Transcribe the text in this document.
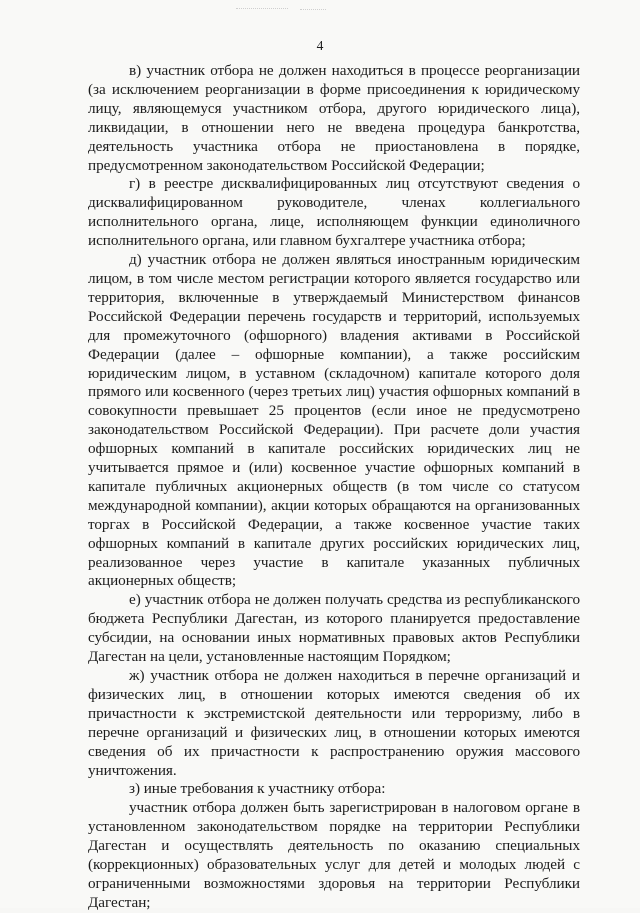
4

в) участник отбора не должен находиться в процессе реорганизации (за исключением реорганизации в форме присоединения к юридическому лицу, являющемуся участником отбора, другого юридического лица), ликвидации, в отношении него не введена процедура банкротства, деятельность участника отбора не приостановлена в порядке, предусмотренном законодательством Российской Федерации;

г) в реестре дисквалифицированных лиц отсутствуют сведения о дисквалифицированном руководителе, членах коллегиального исполнительного органа, лице, исполняющем функции единоличного исполнительного органа, или главном бухгалтере участника отбора;

д) участник отбора не должен являться иностранным юридическим лицом, в том числе местом регистрации которого является государство или территория, включенные в утверждаемый Министерством финансов Российской Федерации перечень государств и территорий, используемых для промежуточного (офшорного) владения активами в Российской Федерации (далее – офшорные компании), а также российским юридическим лицом, в уставном (складочном) капитале которого доля прямого или косвенного (через третьих лиц) участия офшорных компаний в совокупности превышает 25 процентов (если иное не предусмотрено законодательством Российской Федерации). При расчете доли участия офшорных компаний в капитале российских юридических лиц не учитывается прямое и (или) косвенное участие офшорных компаний в капитале публичных акционерных обществ (в том числе со статусом международной компании), акции которых обращаются на организованных торгах в Российской Федерации, а также косвенное участие таких офшорных компаний в капитале других российских юридических лиц, реализованное через участие в капитале указанных публичных акционерных обществ;

е) участник отбора не должен получать средства из республиканского бюджета Республики Дагестан, из которого планируется предоставление субсидии, на основании иных нормативных правовых актов Республики Дагестан на цели, установленные настоящим Порядком;

ж) участник отбора не должен находиться в перечне организаций и физических лиц, в отношении которых имеются сведения об их причастности к экстремистской деятельности или терроризму, либо в перечне организаций и физических лиц, в отношении которых имеются сведения об их причастности к распространению оружия массового уничтожения.

з) иные требования к участнику отбора:

участник отбора должен быть зарегистрирован в налоговом органе в установленном законодательством порядке на территории Республики Дагестан и осуществлять деятельность по оказанию специальных (коррекционных) образовательных услуг для детей и молодых людей с ограниченными возможностями здоровья на территории Республики Дагестан;
